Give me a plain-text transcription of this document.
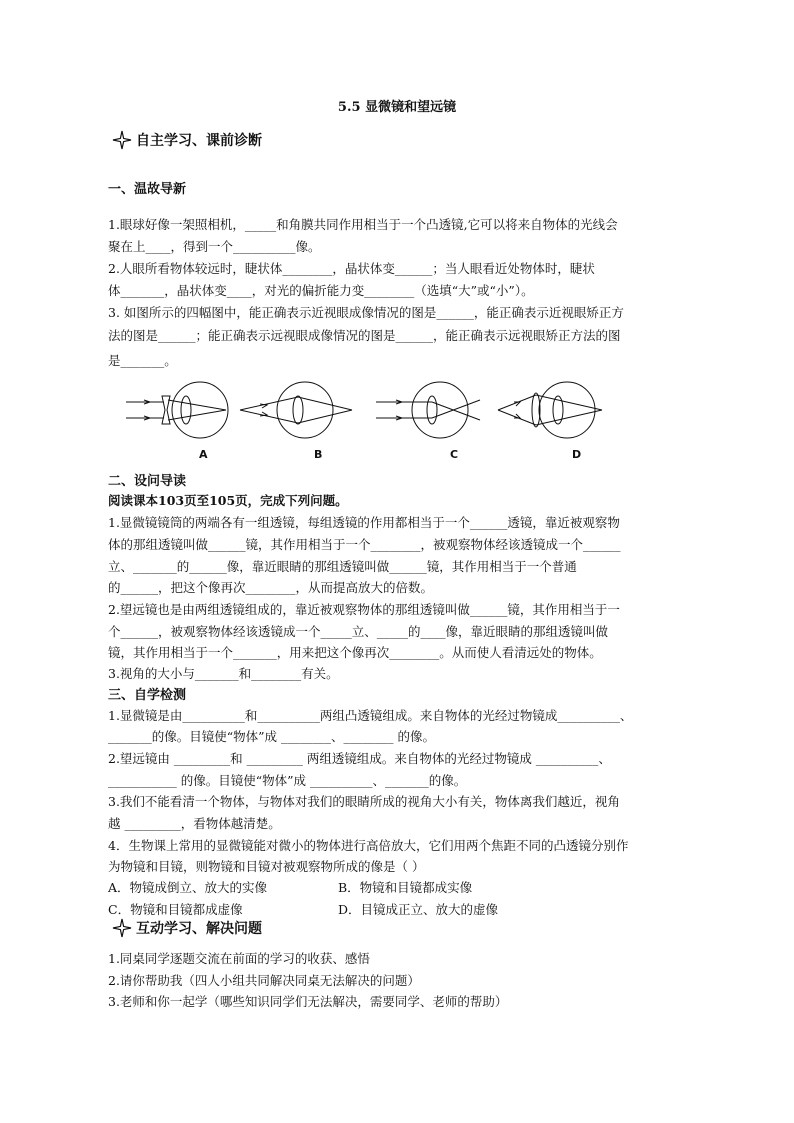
5.5 显微镜和望远镜
自主学习、课前诊断
一、温故导新
1.眼球好像一架照相机，_____和角膜共同作用相当于一个凸透镜,它可以将来自物体的光线会
聚在上____，得到一个__________像。
2.人眼所看物体较远时，睫状体________，晶状体变______；当人眼看近处物体时，睫状
体_______，晶状体变____，对光的偏折能力变________（选填“大”或“小”）。
3. 如图所示的四幅图中，能正确表示近视眼成像情况的图是______，能正确表示近视眼矫正方
法的图是______；能正确表示远视眼成像情况的图是______，能正确表示远视眼矫正方法的图
是_______。
A	B	C	D
二、设问导读
阅读课本103页至105页，完成下列问题。
1.显微镜镜筒的两端各有一组透镜，每组透镜的作用都相当于一个______透镜，靠近被观察物
体的那组透镜叫做______镜，其作用相当于一个________，被观察物体经该透镜成一个______
立、_______的______像，靠近眼睛的那组透镜叫做______镜，其作用相当于一个普通
的______，把这个像再次________，从而提高放大的倍数。
2.望远镜也是由两组透镜组成的，靠近被观察物体的那组透镜叫做______镜，其作用相当于一
个______，被观察物体经该透镜成一个_____立、_____的____像，靠近眼睛的那组透镜叫做
镜，其作用相当于一个_______，用来把这个像再次________。从而使人看清远处的物体。
3.视角的大小与_______和________有关。
三、自学检测
1.显微镜是由__________和__________两组凸透镜组成。来自物体的光经过物镜成__________、
_______的像。目镜使“物体”成 ________、________ 的像。
2.望远镜由 _________和 _________ 两组透镜组成。来自物体的光经过物镜成 __________、
___________ 的像。目镜使“物体”成 __________、_______的像。
3.我们不能看清一个物体，与物体对我们的眼睛所成的视角大小有关，物体离我们越近，视角
越 _________，看物体越清楚。
4．生物课上常用的显微镜能对微小的物体进行高倍放大，它们用两个焦距不同的凸透镜分别作
为物镜和目镜，则物镜和目镜对被观察物所成的像是（ ）
A．物镜成倒立、放大的实像	B．物镜和目镜都成实像
C．物镜和目镜都成虚像	D．目镜成正立、放大的虚像
互动学习、解决问题
1.同桌同学逐题交流在前面的学习的收获、感悟
2.请你帮助我（四人小组共同解决同桌无法解决的问题）
3.老师和你一起学（哪些知识同学们无法解决，需要同学、老师的帮助）
